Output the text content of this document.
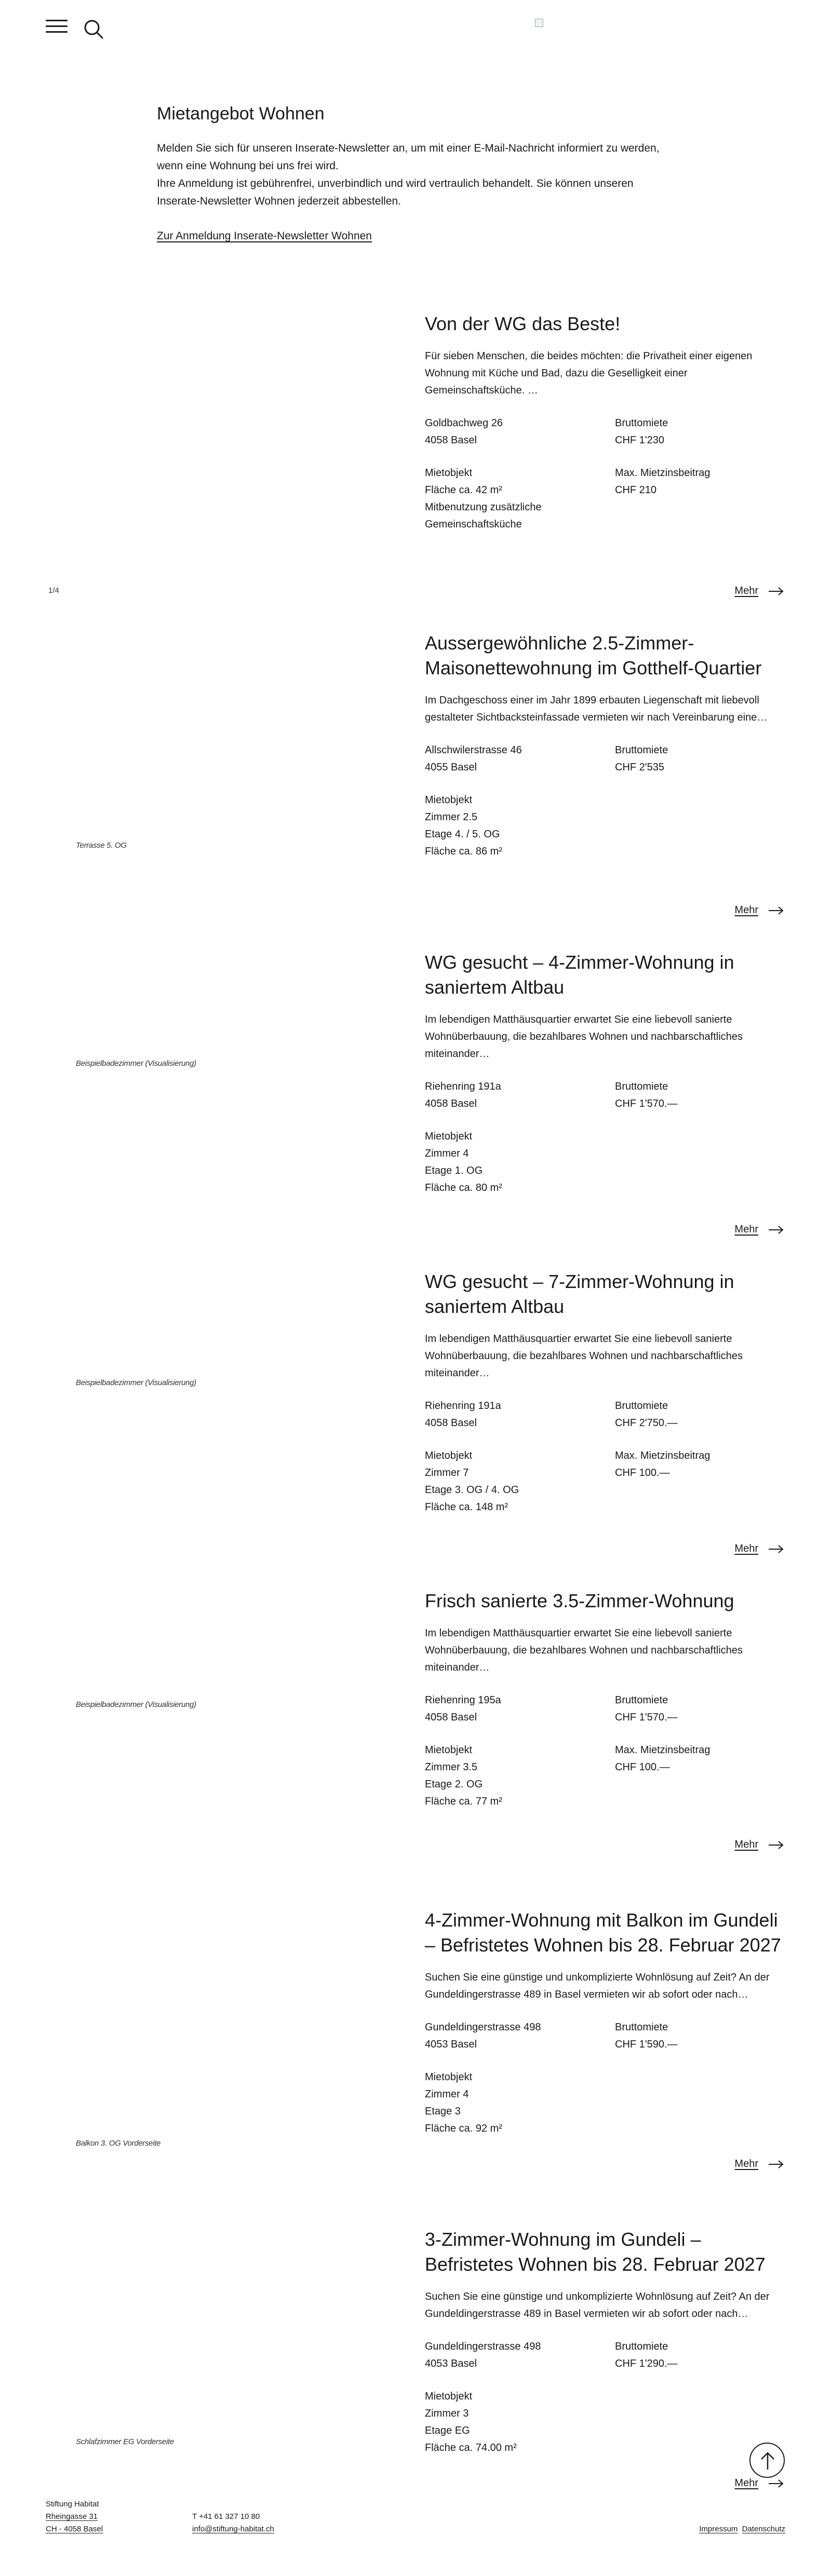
Mietangebot Wohnen

Melden Sie sich für unseren Inserate-Newsletter an, um mit einer E-Mail-Nachricht informiert zu werden, wenn eine Wohnung bei uns frei wird.

Ihre Anmeldung ist gebührenfrei, unverbindlich und wird vertraulich behandelt. Sie können unseren Inserate-Newsletter Wohnen jederzeit abbestellen.

Zur Anmeldung Inserate-Newsletter Wohnen
1/4
Von der WG das Beste!

Für sieben Menschen, die beides möchten: die Privatheit einer eigenen Wohnung mit Küche und Bad, dazu die Geselligkeit einer Gemeinschaftsküche. …

Goldbachweg 26
4058 Basel
Bruttomiete
CHF 1'230
Mietobjekt
Fläche ca. 42 m²
Mitbenutzung zusätzliche
Gemeinschaftsküche
Max. Mietzinsbeitrag
CHF 210
Mehr
Terrasse 5. OG
Aussergewöhnliche 2.5-Zimmer-Maisonettewohnung im Gotthelf-Quartier

Im Dachgeschoss einer im Jahr 1899 erbauten Liegenschaft mit liebevoll gestalteter Sichtbacksteinfassade vermieten wir nach Vereinbarung eine…

Allschwilerstrasse 46
4055 Basel
Bruttomiete
CHF 2'535
Mietobjekt
Zimmer 2.5
Etage 4. / 5. OG
Fläche ca. 86 m²
Mehr
Beispielbadezimmer (Visualisierung)
WG gesucht – 4-Zimmer-Wohnung in saniertem Altbau

Im lebendigen Matthäusquartier erwartet Sie eine liebevoll sanierte Wohnüberbauung, die bezahlbares Wohnen und nachbarschaftliches miteinander…

Riehenring 191a
4058 Basel
Bruttomiete
CHF 1'570.—
Mietobjekt
Zimmer 4
Etage 1. OG
Fläche ca. 80 m²
Mehr
Beispielbadezimmer (Visualisierung)
WG gesucht – 7-Zimmer-Wohnung in saniertem Altbau

Im lebendigen Matthäusquartier erwartet Sie eine liebevoll sanierte Wohnüberbauung, die bezahlbares Wohnen und nachbarschaftliches miteinander…

Riehenring 191a
4058 Basel
Bruttomiete
CHF 2'750.—
Mietobjekt
Zimmer 7
Etage 3. OG / 4. OG
Fläche ca. 148 m²
Max. Mietzinsbeitrag
CHF 100.—
Mehr
Beispielbadezimmer (Visualisierung)
Frisch sanierte 3.5-Zimmer-Wohnung

Im lebendigen Matthäusquartier erwartet Sie eine liebevoll sanierte Wohnüberbauung, die bezahlbares Wohnen und nachbarschaftliches miteinander…

Riehenring 195a
4058 Basel
Bruttomiete
CHF 1'570.—
Mietobjekt
Zimmer 3.5
Etage 2. OG
Fläche ca. 77 m²
Max. Mietzinsbeitrag
CHF 100.—
Mehr
Balkon 3. OG Vorderseite
4-Zimmer-Wohnung mit Balkon im Gundeli – Befristetes Wohnen bis 28. Februar 2027

Suchen Sie eine günstige und unkomplizierte Wohnlösung auf Zeit? An der Gundeldingerstrasse 489 in Basel vermieten wir ab sofort oder nach…

Gundeldingerstrasse 498
4053 Basel
Bruttomiete
CHF 1'590.—
Mietobjekt
Zimmer 4
Etage 3
Fläche ca. 92 m²
Mehr
Schlafzimmer EG Vorderseite
3-Zimmer-Wohnung im Gundeli – Befristetes Wohnen bis 28. Februar 2027

Suchen Sie eine günstige und unkomplizierte Wohnlösung auf Zeit? An der Gundeldingerstrasse 489 in Basel vermieten wir ab sofort oder nach…

Gundeldingerstrasse 498
4053 Basel
Bruttomiete
CHF 1'290.—
Mietobjekt
Zimmer 3
Etage EG
Fläche ca. 74.00 m²
Mehr
Stiftung Habitat
Rheingasse 31
CH - 4058 Basel
T +41 61 327 10 80
info@stiftung-habitat.ch	Impressum Datenschutz
